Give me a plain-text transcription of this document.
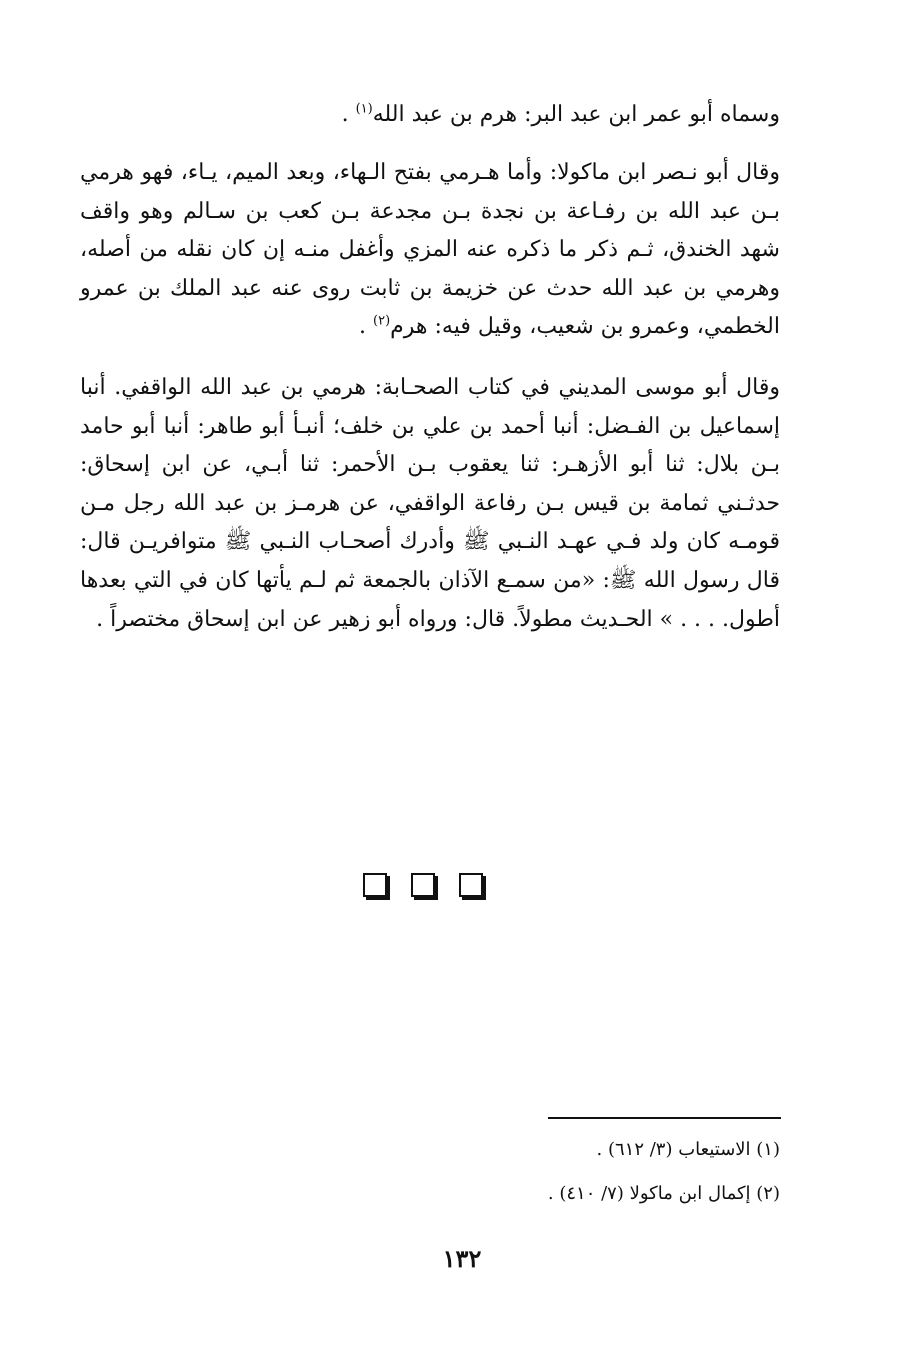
وسماه أبو عمر ابن عبد البر: هرم بن عبد الله$^{(١)}$ .

وقال أبو نـصر ابن ماكولا: وأما هـرمي بفتح الـهاء، وبعد الميم، يـاء، فهو هرمي بـن عبد الله بن رفـاعة بن نجدة بـن مجدعة بـن كعب بن سـالم وهو واقف شهد الخندق، ثـم ذكر ما ذكره عنه المزي وأغفل منـه إن كان نقله من أصله، وهرمي بن عبد الله حدث عن خزيمة بن ثابت روى عنه عبد الملك بن عمرو الخطمي، وعمرو بن شعيب، وقيل فيه: هرم$^{(٢)}$ .

وقال أبو موسى المديني في كتاب الصحـابة: هرمي بن عبد الله الواقفي. أنبا إسماعيل بن الفـضل: أنبا أحمد بن علي بن خلف؛ أنبـأ أبو طاهر: أنبا أبو حامد بـن بلال: ثنا أبو الأزهـر: ثنا يعقوب بـن الأحمر: ثنا أبـي، عن ابن إسحاق: حدثـني ثمامة بن قيس بـن رفاعة الواقفي، عن هرمـز بن عبد الله رجل مـن قومـه كان ولد فـي عهـد النـبي ﷺ وأدرك أصحـاب النـبي ﷺ متوافريـن قال: قال رسول الله ﷺ: «من سمـع الآذان بالجمعة ثم لـم يأتها كان في التي بعدها أطول. . . . » الحـديث مطولاً. قال: ورواه أبو زهير عن ابن إسحاق مختصراً .

(١) الاستيعاب (٣/ ٦١٢) .

(٢) إكمال ابن ماكولا (٧/ ٤١٠) .

١٣٢
